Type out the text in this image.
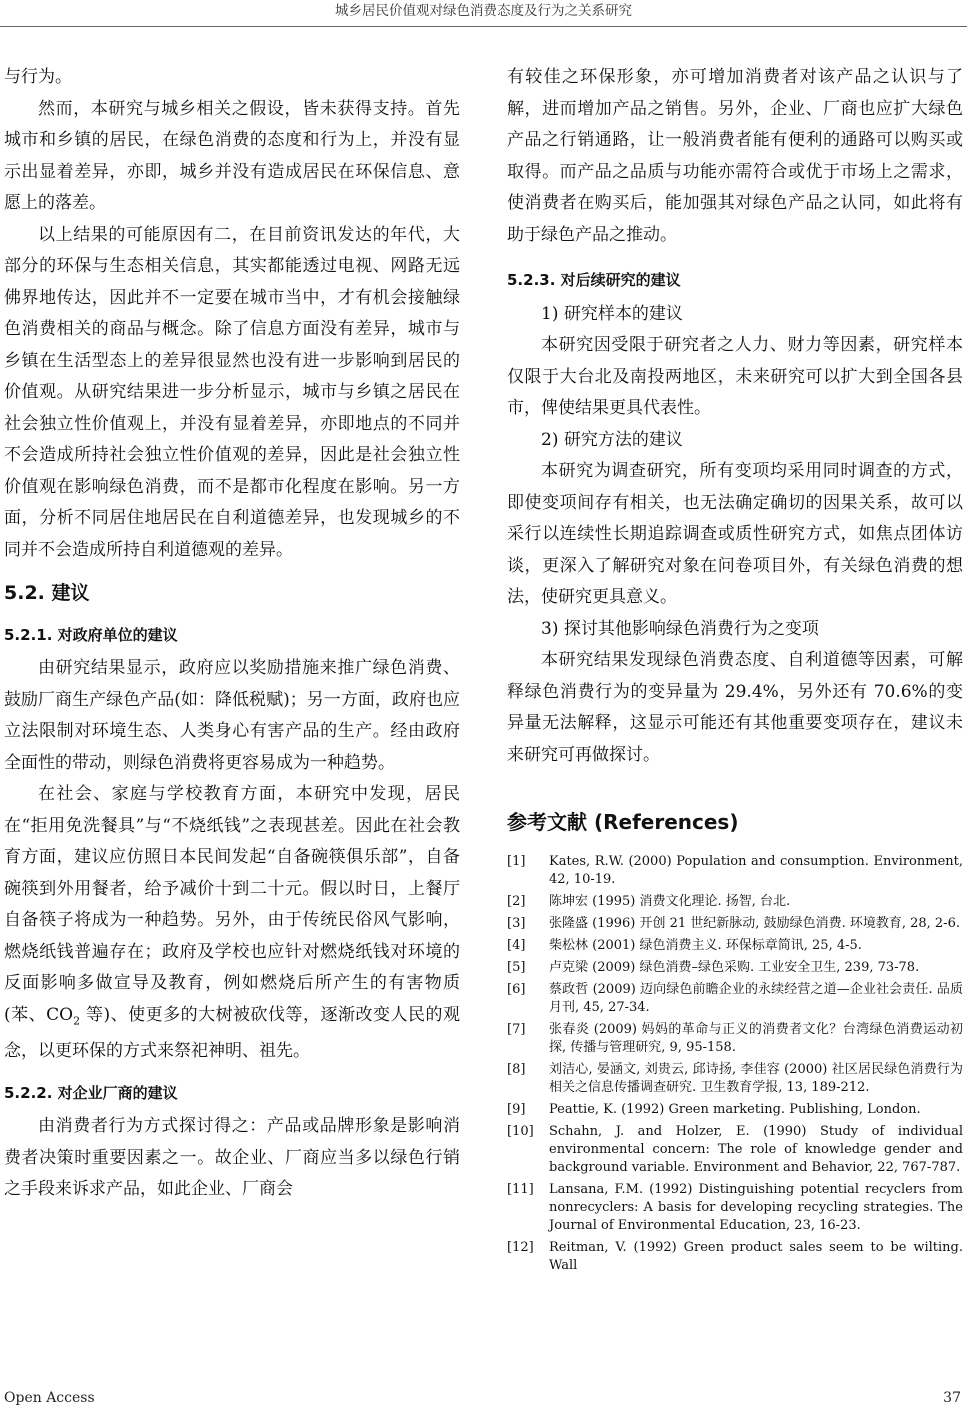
城乡居民价值观对绿色消费态度及行为之关系研究

与行为。

然而，本研究与城乡相关之假设，皆未获得支持。首先城市和乡镇的居民，在绿色消费的态度和行为上，并没有显示出显着差异，亦即，城乡并没有造成居民在环保信息、意愿上的落差。

以上结果的可能原因有二，在目前资讯发达的年代，大部分的环保与生态相关信息，其实都能透过电视、网路无远佛界地传达，因此并不一定要在城市当中，才有机会接触绿色消费相关的商品与概念。除了信息方面没有差异，城市与乡镇在生活型态上的差异很显然也没有进一步影响到居民的价值观。从研究结果进一步分析显示，城市与乡镇之居民在社会独立性价值观上，并没有显着差异，亦即地点的不同并不会造成所持社会独立性价值观的差异，因此是社会独立性价值观在影响绿色消费，而不是都市化程度在影响。另一方面，分析不同居住地居民在自利道德差异，也发现城乡的不同并不会造成所持自利道德观的差异。

5.2. 建议
5.2.1. 对政府单位的建议

由研究结果显示，政府应以奖励措施来推广绿色消费、鼓励厂商生产绿色产品(如：降低税赋)；另一方面，政府也应立法限制对环境生态、人类身心有害产品的生产。经由政府全面性的带动，则绿色消费将更容易成为一种趋势。

在社会、家庭与学校教育方面，本研究中发现，居民在“拒用免洗餐具”与“不烧纸钱”之表现甚差。因此在社会教育方面，建议应仿照日本民间发起“自备碗筷俱乐部”，自备碗筷到外用餐者，给予减价十到二十元。假以时日，上餐厅自备筷子将成为一种趋势。另外，由于传统民俗风气影响，燃烧纸钱普遍存在；政府及学校也应针对燃烧纸钱对环境的反面影响多做宣导及教育，例如燃烧后所产生的有害物质(苯、$CO_2$ 等)、使更多的大树被砍伐等，逐渐改变人民的观念，以更环保的方式来祭祀神明、祖先。

5.2.2. 对企业厂商的建议

由消费者行为方式探讨得之：产品或品牌形象是影响消费者决策时重要因素之一。故企业、厂商应当多以绿色行销之手段来诉求产品，如此企业、厂商会

有较佳之环保形象，亦可增加消费者对该产品之认识与了解，进而增加产品之销售。另外，企业、厂商也应扩大绿色产品之行销通路，让一般消费者能有便利的通路可以购买或取得。而产品之品质与功能亦需符合或优于市场上之需求，使消费者在购买后，能加强其对绿色产品之认同，如此将有助于绿色产品之推动。

5.2.3. 对后续研究的建议

1) 研究样本的建议

本研究因受限于研究者之人力、财力等因素，研究样本仅限于大台北及南投两地区，未来研究可以扩大到全国各县市，俾使结果更具代表性。

2) 研究方法的建议

本研究为调查研究，所有变项均采用同时调查的方式，即使变项间存有相关，也无法确定确切的因果关系，故可以采行以连续性长期追踪调查或质性研究方式，如焦点团体访谈，更深入了解研究对象在问卷项目外，有关绿色消费的想法，使研究更具意义。

3) 探讨其他影响绿色消费行为之变项

本研究结果发现绿色消费态度、自利道德等因素，可解释绿色消费行为的变异量为 29.4%，另外还有 70.6%的变异量无法解释，这显示可能还有其他重要变项存在，建议未来研究可再做探讨。

参考文献 (References)
[1]	Kates, R.W. (2000) Population and consumption. Environment, 42, 10-19.
[2]	陈坤宏 (1995) 消费文化理论. 扬智, 台北.
[3]	张隆盛 (1996) 开创 21 世纪新脉动, 鼓励绿色消费. 环境教育, 28, 2-6.
[4]	柴松林 (2001) 绿色消费主义. 环保标章简讯, 25, 4-5.
[5]	卢克梁 (2009) 绿色消费–绿色采购. 工业安全卫生, 239, 73-78.
[6]	蔡政哲 (2009) 迈向绿色前瞻企业的永续经营之道—企业社会责任. 品质月刊, 45, 27-34.
[7]	张春炎 (2009) 妈妈的革命与正义的消费者文化？台湾绿色消费运动初探, 传播与管理研究, 9, 95-158.
[8]	刘洁心, 晏涵文, 刘贵云, 邱诗扬, 李佳容 (2000) 社区居民绿色消费行为相关之信息传播调查研究. 卫生教育学报, 13, 189-212.
[9]	Peattie, K. (1992) Green marketing. Publishing, London.
[10]	Schahn, J. and Holzer, E. (1990) Study of individual environmental concern: The role of knowledge gender and background variable. Environment and Behavior, 22, 767-787.
[11]	Lansana, F.M. (1992) Distinguishing potential recyclers from nonrecyclers: A basis for developing recycling strategies. The Journal of Environmental Education, 23, 16-23.
[12]	Reitman, V. (1992) Green product sales seem to be wilting. Wall
Open Access	37
